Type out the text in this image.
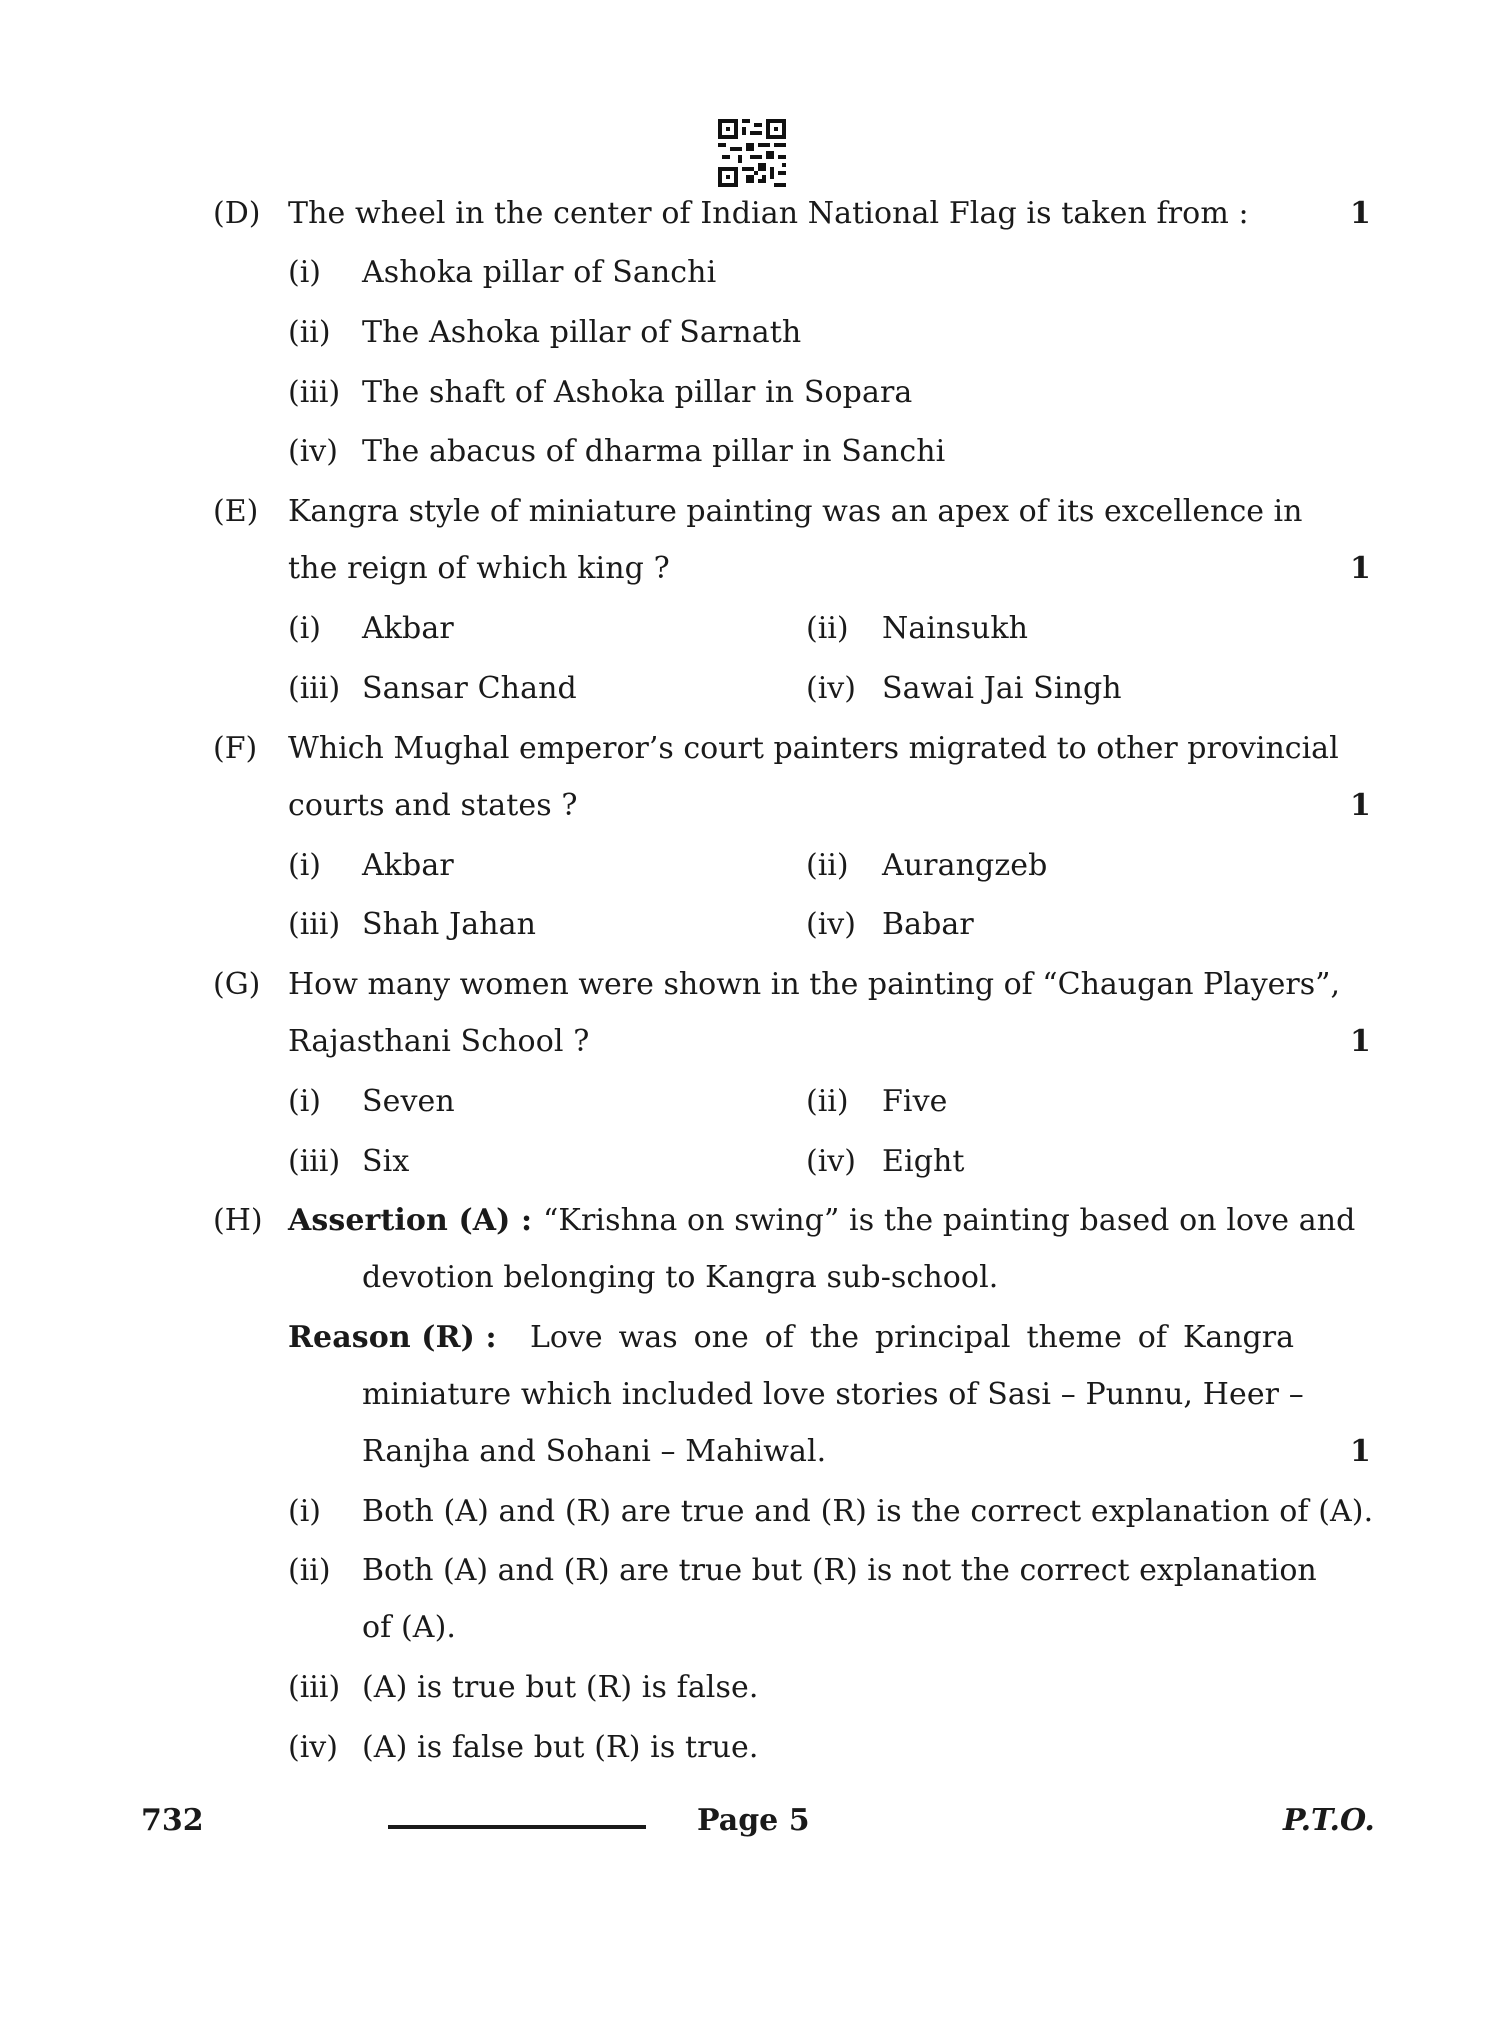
(D) The wheel in the center of Indian National Flag is taken from :	1
(i) Ashoka pillar of Sanchi
(ii) The Ashoka pillar of Sarnath
(iii) The shaft of Ashoka pillar in Sopara
(iv) The abacus of dharma pillar in Sanchi
(E) Kangra style of miniature painting was an apex of its excellence in
the reign of which king ?	1
(i) Akbar	(ii) Nainsukh
(iii) Sansar Chand	(iv) Sawai Jai Singh
(F) Which Mughal emperor’s court painters migrated to other provincial
courts and states ?	1
(i) Akbar	(ii) Aurangzeb
(iii) Shah Jahan	(iv) Babar
(G) How many women were shown in the painting of “Chaugan Players”,
Rajasthani School ?	1
(i) Seven	(ii) Five
(iii) Six	(iv) Eight
(H) Assertion (A) : “Krishna on swing” is the painting based on love and
devotion belonging to Kangra sub-school.
Reason (R) : Love was one of the principal theme of Kangra
miniature which included love stories of Sasi – Punnu, Heer –
Ranjha and Sohani – Mahiwal.	1
(i) Both (A) and (R) are true and (R) is the correct explanation of (A).
(ii) Both (A) and (R) are true but (R) is not the correct explanation
of (A).
(iii) (A) is true but (R) is false.
(iv) (A) is false but (R) is true.
732	Page 5	P.T.O.
